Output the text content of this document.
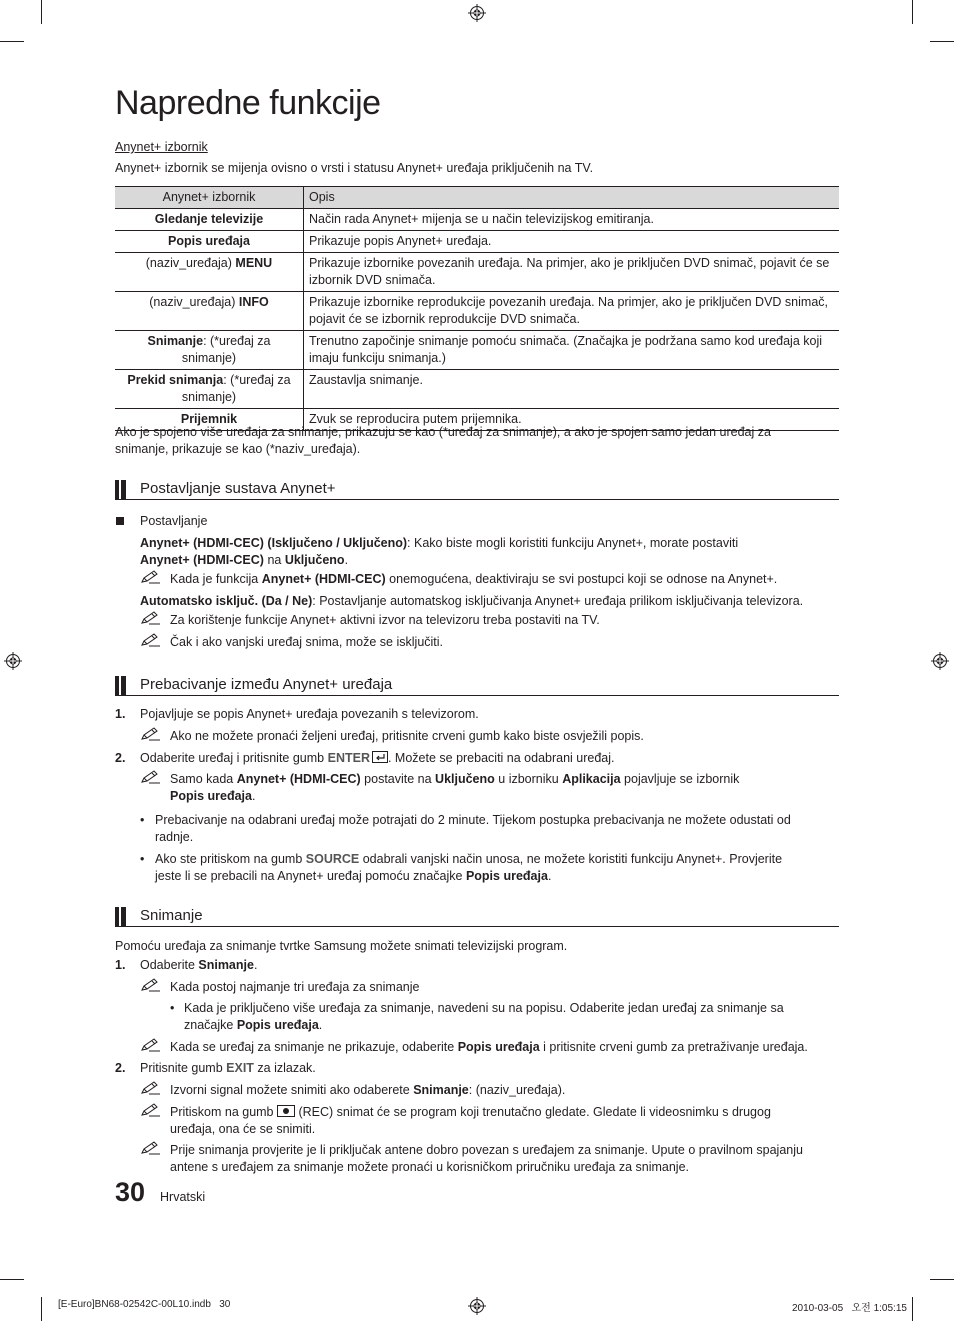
Napredne funkcije
Anynet+ izbornik
Anynet+ izbornik se mijenja ovisno o vrsti i statusu Anynet+ uređaja priključenih na TV.
Anynet+ izbornik	Opis
Gledanje televizije	Način rada Anynet+ mijenja se u način televizijskog emitiranja.
Popis uređaja	Prikazuje popis Anynet+ uređaja.
(naziv_uređaja) MENU	Prikazuje izbornike povezanih uređaja. Na primjer, ako je priključen DVD snimač, pojavit će se izbornik DVD snimača.
(naziv_uređaja) INFO	Prikazuje izbornike reprodukcije povezanih uređaja. Na primjer, ako je priključen DVD snimač, pojavit će se izbornik reprodukcije DVD snimača.
Snimanje: (*uređaj za snimanje)	Trenutno započinje snimanje pomoću snimača. (Značajka je podržana samo kod uređaja koji imaju funkciju snimanja.)
Prekid snimanja: (*uređaj za snimanje)	Zaustavlja snimanje.
Prijemnik	Zvuk se reproducira putem prijemnika.
Ako je spojeno više uređaja za snimanje, prikazuju se kao (*uređaj za snimanje), a ako je spojen samo jedan uređaj za snimanje, prikazuje se kao (*naziv_uređaja).
Postavljanje sustava Anynet+
Postavljanje
Anynet+ (HDMI-CEC) (Isključeno / Uključeno): Kako biste mogli koristiti funkciju Anynet+, morate postaviti
Anynet+ (HDMI-CEC) na Uključeno.
Kada je funkcija Anynet+ (HDMI-CEC) onemogućena, deaktiviraju se svi postupci koji se odnose na Anynet+.
Automatsko isključ. (Da / Ne): Postavljanje automatskog isključivanja Anynet+ uređaja prilikom isključivanja televizora.
Za korištenje funkcije Anynet+ aktivni izvor na televizoru treba postaviti na TV.
Čak i ako vanjski uređaj snima, može se isključiti.
Prebacivanje između Anynet+ uređaja
1. Pojavljuje se popis Anynet+ uređaja povezanih s televizorom.
Ako ne možete pronaći željeni uređaj, pritisnite crveni gumb kako biste osvježili popis.
2. Odaberite uređaj i pritisnite gumb ENTER . Možete se prebaciti na odabrani uređaj.
Samo kada Anynet+ (HDMI-CEC) postavite na Uključeno u izborniku Aplikacija pojavljuje se izbornik
Popis uređaja.
• Prebacivanje na odabrani uređaj može potrajati do 2 minute. Tijekom postupka prebacivanja ne možete odustati od
radnje.
• Ako ste pritiskom na gumb SOURCE odabrali vanjski način unosa, ne možete koristiti funkciju Anynet+. Provjerite
jeste li se prebacili na Anynet+ uređaj pomoću značajke Popis uređaja.
Snimanje
Pomoću uređaja za snimanje tvrtke Samsung možete snimati televizijski program.
1. Odaberite Snimanje.
Kada postoj najmanje tri uređaja za snimanje
• Kada je priključeno više uređaja za snimanje, navedeni su na popisu. Odaberite jedan uređaj za snimanje sa
značajke Popis uređaja.
Kada se uređaj za snimanje ne prikazuje, odaberite Popis uređaja i pritisnite crveni gumb za pretraživanje uređaja.
2. Pritisnite gumb EXIT za izlazak.
Izvorni signal možete snimiti ako odaberete Snimanje: (naziv_uređaja).
Pritiskom na gumb  (REC) snimat će se program koji trenutačno gledate. Gledate li videosnimku s drugog
uređaja, ona će se snimiti.
Prije snimanja provjerite je li priključak antene dobro povezan s uređajem za snimanje. Upute o pravilnom spajanju
antene s uređajem za snimanje možete pronaći u korisničkom priručniku uređaja za snimanje.
30 Hrvatski
[E-Euro]BN68-02542C-00L10.indb   30	2010-03-05   오전 1:05:15
